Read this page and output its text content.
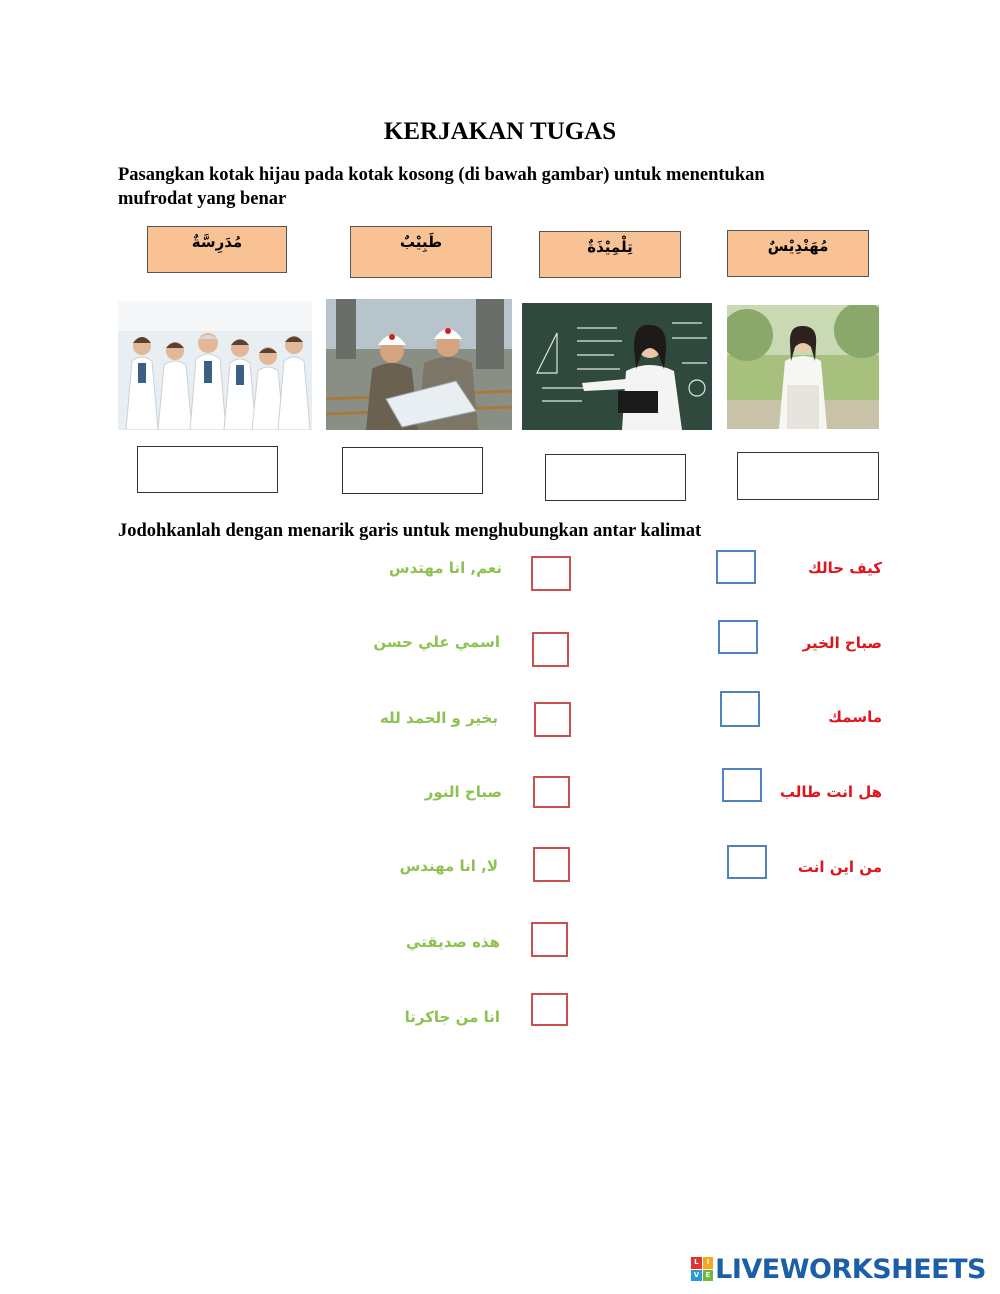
KERJAKAN TUGAS

Pasangkan kotak hijau pada kotak kosong (di bawah gambar) untuk menentukan mufrodat yang benar

مُدَرِسَّةٌ	طَبِيْبٌ	تِلْمِيْذَةٌ	مُهَنْدِيْسٌ

Jodohkanlah dengan menarik garis untuk menghubungkan antar kalimat

نعم, انا مهتدس
اسمي علي حسن
بخير و الحمد لله
صباح النور
لا, انا مهندس
هذه صديقتي
انا من جاكرتا
كيف حالك
صباح الخير
ماسمك
هل انت طالب
من اين انت
L	I
V E LIVEWORKSHEETS
